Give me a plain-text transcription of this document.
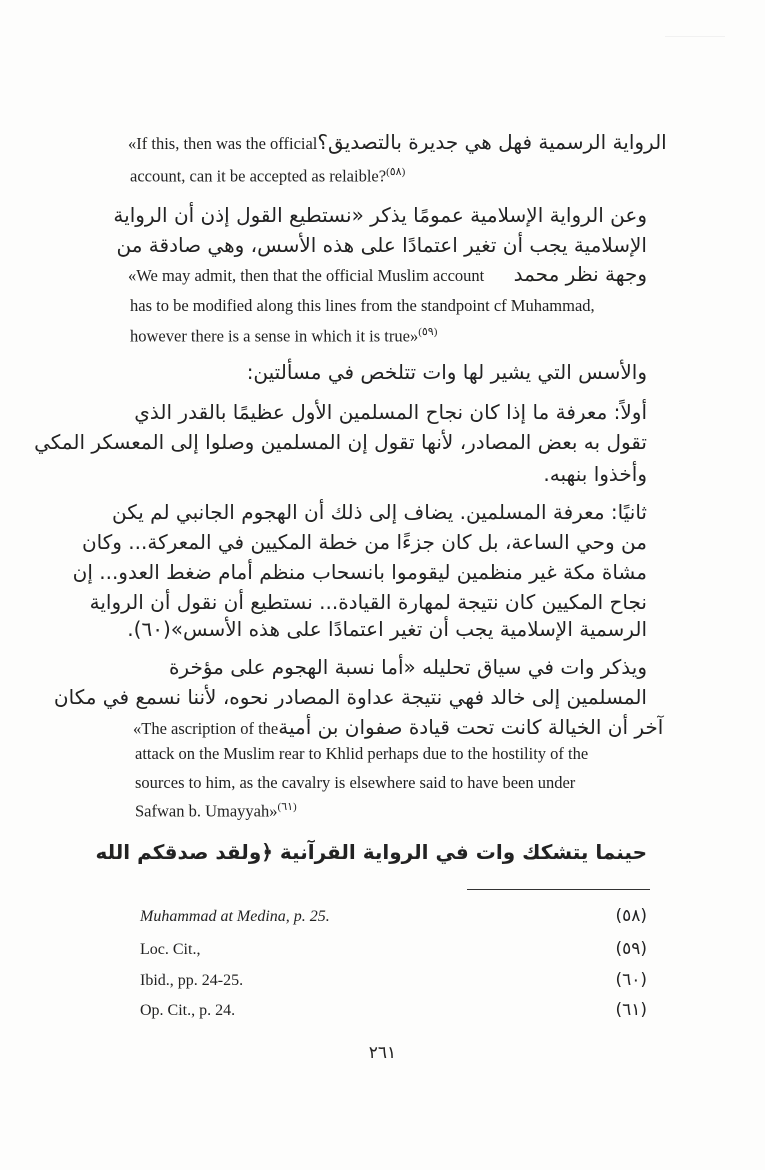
«If this, then was the official الرواية الرسمية فهل هي جديرة بالتصديق؟
account, can it be accepted as relaible?$^{(٥٨)}$
وعن الرواية الإسلامية عمومًا يذكر «نستطيع القول إذن أن الرواية
الإسلامية يجب أن تغير اعتمادًا على هذه الأسس، وهي صادقة من
«We may admit, then that the official Muslim account وجهة نظر محمد
has to be modified along this lines from the standpoint cf Muhammad,
however there is a sense in which it is true»$^{(٥٩)}$
والأسس التي يشير لها وات تتلخص في مسألتين:
أولاً: معرفة ما إذا كان نجاح المسلمين الأول عظيمًا بالقدر الذي
تقول به بعض المصادر، لأنها تقول إن المسلمين وصلوا إلى المعسكر المكي
وأخذوا بنهبه.
ثانيًا: معرفة المسلمين. يضاف إلى ذلك أن الهجوم الجانبي لم يكن
من وحي الساعة، بل كان جزءًا من خطة المكيين في المعركة... وكان
مشاة مكة غير منظمين ليقوموا بانسحاب منظم أمام ضغط العدو... إن
نجاح المكيين كان نتيجة لمهارة القيادة... نستطيع أن نقول أن الرواية
الرسمية الإسلامية يجب أن تغير اعتمادًا على هذه الأسس»(٦٠).
ويذكر وات في سياق تحليله «أما نسبة الهجوم على مؤخرة
المسلمين إلى خالد فهي نتيجة عداوة المصادر نحوه، لأننا نسمع في مكان
«The ascription of the آخر أن الخيالة كانت تحت قيادة صفوان بن أمية
attack on the Muslim rear to Khlid perhaps due to the hostility of the
sources to him, as the cavalry is elsewhere said to have been under
Safwan b. Umayyah»$^{(٦١)}$
حينما يتشكك وات في الرواية القرآنية ﴿ولقد صدقكم الله
Muhammad at Medina, p. 25.	(٥٨)
Loc. Cit.,	(٥٩)
Ibid., pp. 24-25.	(٦٠)
Op. Cit., p. 24.	(٦١)
٢٦١
